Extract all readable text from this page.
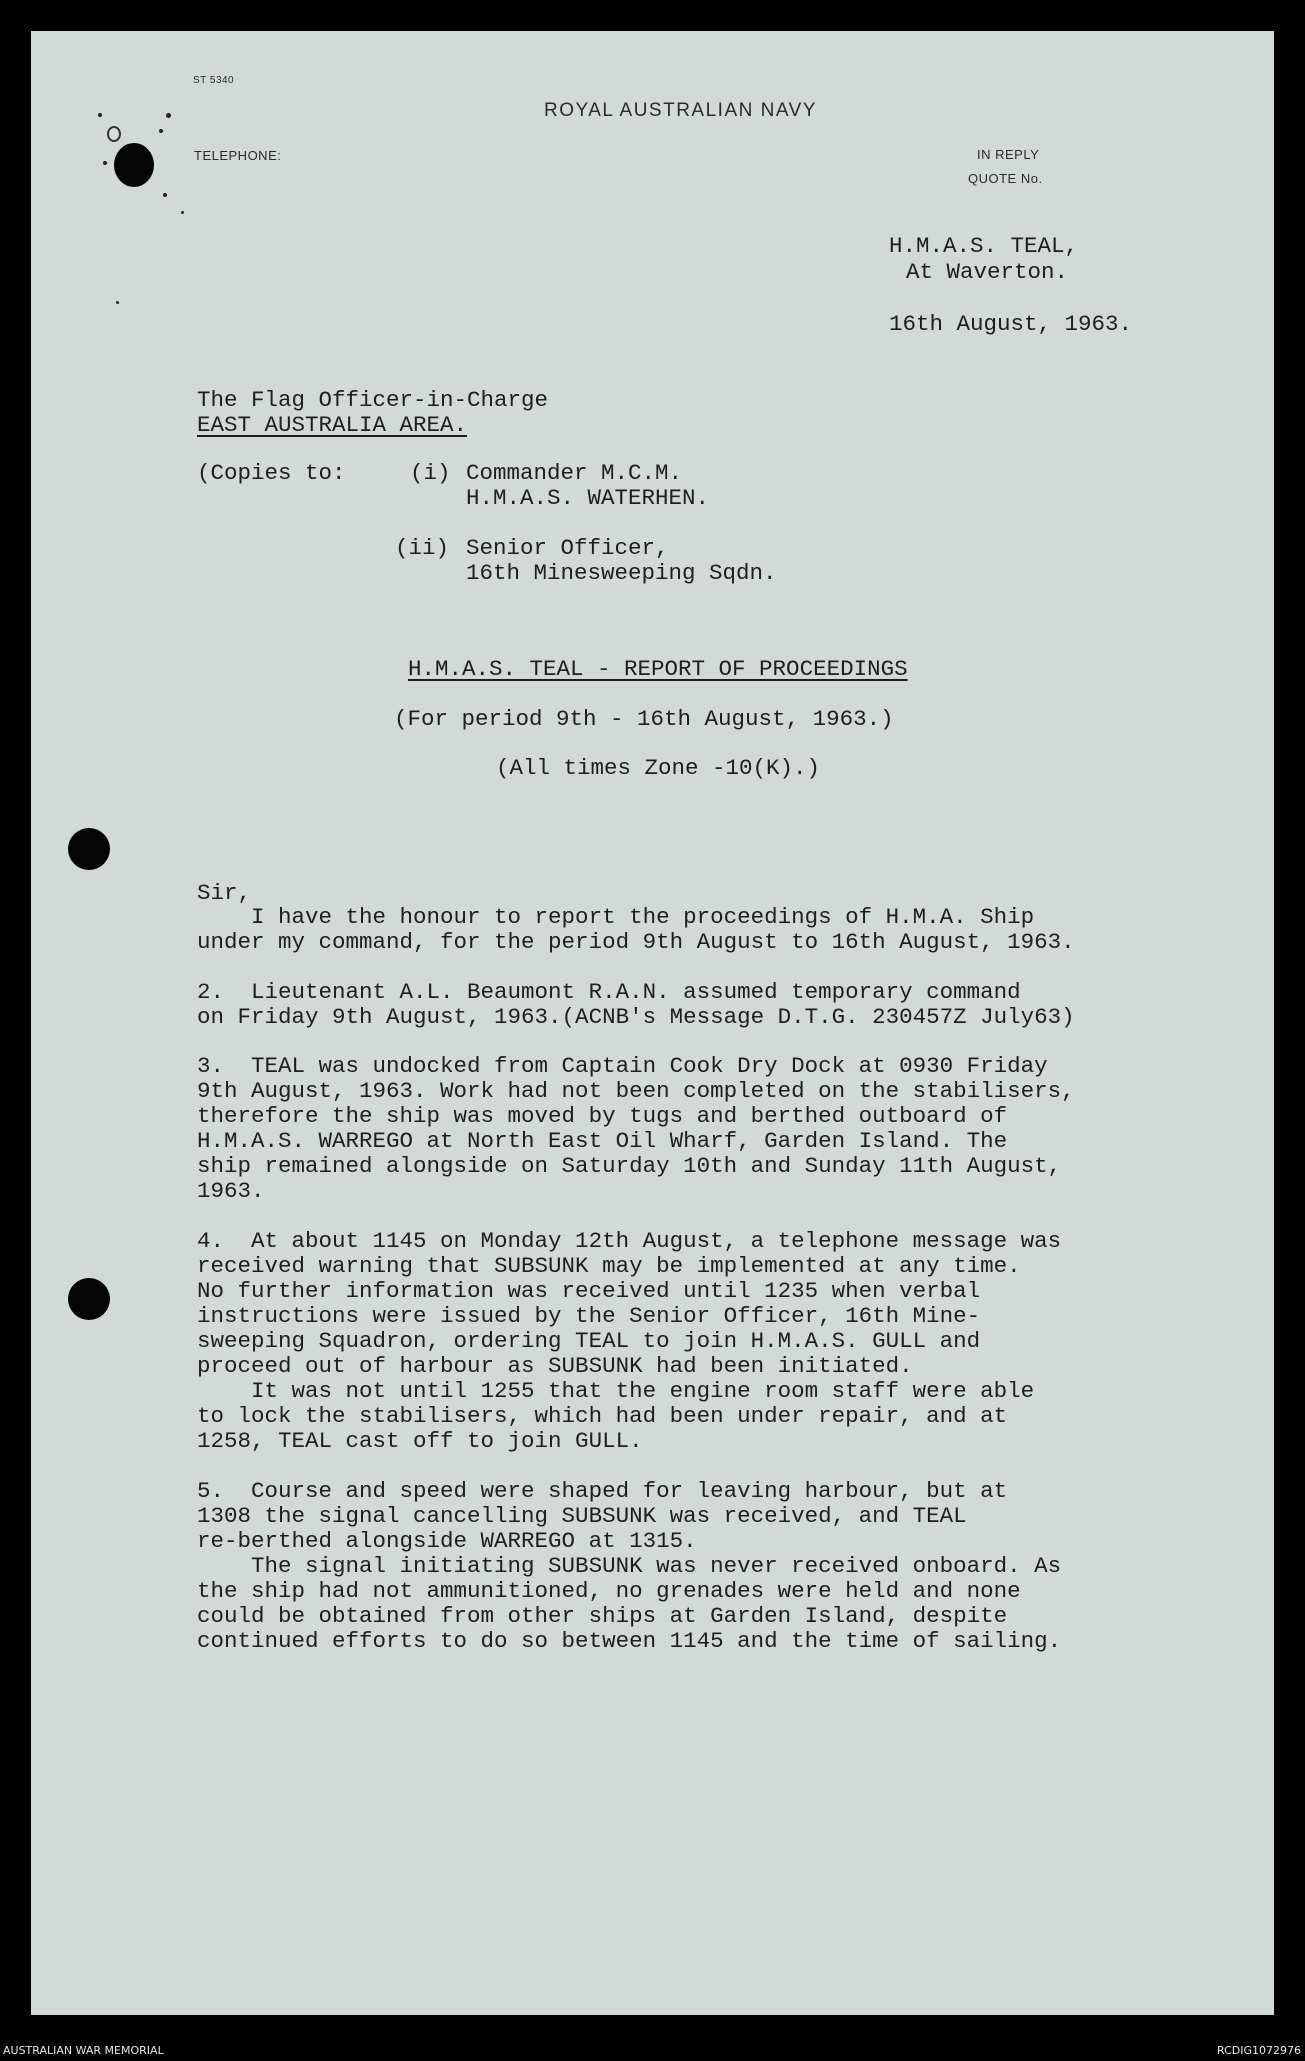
ST 5340
ROYAL AUSTRALIAN NAVY
TELEPHONE:	IN REPLY
QUOTE No.
H.M.A.S. TEAL,
At Waverton.
16th August, 1963.
The Flag Officer-in-Charge
EAST AUSTRALIA AREA.
(Copies to:	(i) Commander M.C.M.
H.M.A.S. WATERHEN.
(ii) Senior Officer,
16th Minesweeping Sqdn.
H.M.A.S. TEAL - REPORT OF PROCEEDINGS
(For period 9th - 16th August, 1963.)
(All times Zone -10(K).)
Sir,
I have the honour to report the proceedings of H.M.A. Ship
under my command, for the period 9th August to 16th August, 1963.
2.  Lieutenant A.L. Beaumont R.A.N. assumed temporary command
on Friday 9th August, 1963.(ACNB's Message D.T.G. 230457Z July63)
3.  TEAL was undocked from Captain Cook Dry Dock at 0930 Friday
9th August, 1963. Work had not been completed on the stabilisers,
therefore the ship was moved by tugs and berthed outboard of
H.M.A.S. WARREGO at North East Oil Wharf, Garden Island. The
ship remained alongside on Saturday 10th and Sunday 11th August,
1963.
4.  At about 1145 on Monday 12th August, a telephone message was
received warning that SUBSUNK may be implemented at any time.
No further information was received until 1235 when verbal
instructions were issued by the Senior Officer, 16th Mine-
sweeping Squadron, ordering TEAL to join H.M.A.S. GULL and
proceed out of harbour as SUBSUNK had been initiated.
It was not until 1255 that the engine room staff were able
to lock the stabilisers, which had been under repair, and at
1258, TEAL cast off to join GULL.
5.  Course and speed were shaped for leaving harbour, but at
1308 the signal cancelling SUBSUNK was received, and TEAL
re-berthed alongside WARREGO at 1315.
The signal initiating SUBSUNK was never received onboard. As
the ship had not ammunitioned, no grenades were held and none
could be obtained from other ships at Garden Island, despite
continued efforts to do so between 1145 and the time of sailing.
AUSTRALIAN WAR MEMORIAL	RCDIG1072976
